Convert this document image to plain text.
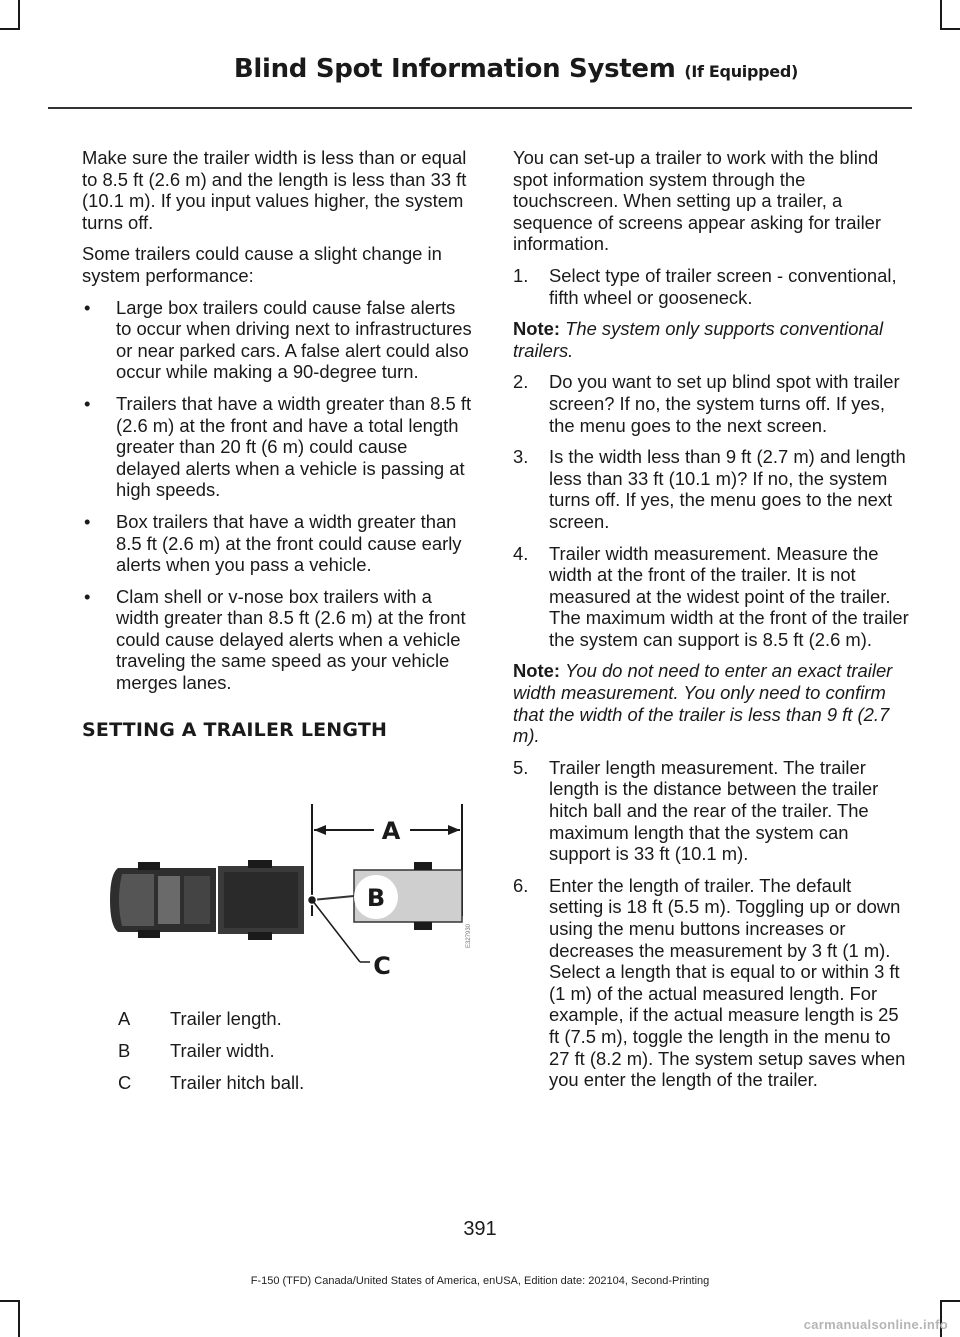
Blind Spot Information System (If Equipped)

Make sure the trailer width is less than or equal to 8.5 ft (2.6 m) and the length is less than 33 ft (10.1 m). If you input values higher, the system turns off.

Some trailers could cause a slight change in system performance:

• Large box trailers could cause false alerts to occur when driving next to infrastructures or near parked cars. A false alert could also occur while making a 90-degree turn.
• Trailers that have a width greater than 8.5 ft (2.6 m) at the front and have a total length greater than 20 ft (6 m) could cause delayed alerts when a vehicle is passing at high speeds.
• Box trailers that have a width greater than 8.5 ft (2.6 m) at the front could cause early alerts when you pass a vehicle.
• Clam shell or v-nose box trailers with a width greater than 8.5 ft (2.6 m) at the front could cause delayed alerts when a vehicle traveling the same speed as your vehicle merges lanes.
SETTING A TRAILER LENGTH
A
C
B
E327930
A	Trailer length.
B	Trailer width.
C	Trailer hitch ball.

You can set-up a trailer to work with the blind spot information system through the touchscreen. When setting up a trailer, a sequence of screens appear asking for trailer information.

1. Select type of trailer screen - conventional, fifth wheel or gooseneck.

Note: The system only supports conventional trailers.

2. Do you want to set up blind spot with trailer screen? If no, the system turns off. If yes, the menu goes to the next screen.
3. Is the width less than 9 ft (2.7 m) and length less than 33 ft (10.1 m)? If no, the system turns off. If yes, the menu goes to the next screen.
4. Trailer width measurement. Measure the width at the front of the trailer. It is not measured at the widest point of the trailer. The maximum width at the front of the trailer the system can support is 8.5 ft (2.6 m).

Note: You do not need to enter an exact trailer width measurement. You only need to confirm that the width of the trailer is less than 9 ft (2.7 m).

5. Trailer length measurement. The trailer length is the distance between the trailer hitch ball and the rear of the trailer. The maximum length that the system can support is 33 ft (10.1 m).
6. Enter the length of trailer. The default setting is 18 ft (5.5 m). Toggling up or down using the menu buttons increases or decreases the measurement by 3 ft (1 m). Select a length that is equal to or within 3 ft (1 m) of the actual measured length. For example, if the actual measure length is 25 ft (7.5 m), toggle the length in the menu to 27 ft (8.2 m). The system setup saves when you enter the length of the trailer.
391
F-150 (TFD) Canada/United States of America, enUSA, Edition date: 202104, Second-Printing
carmanualsonline.info
